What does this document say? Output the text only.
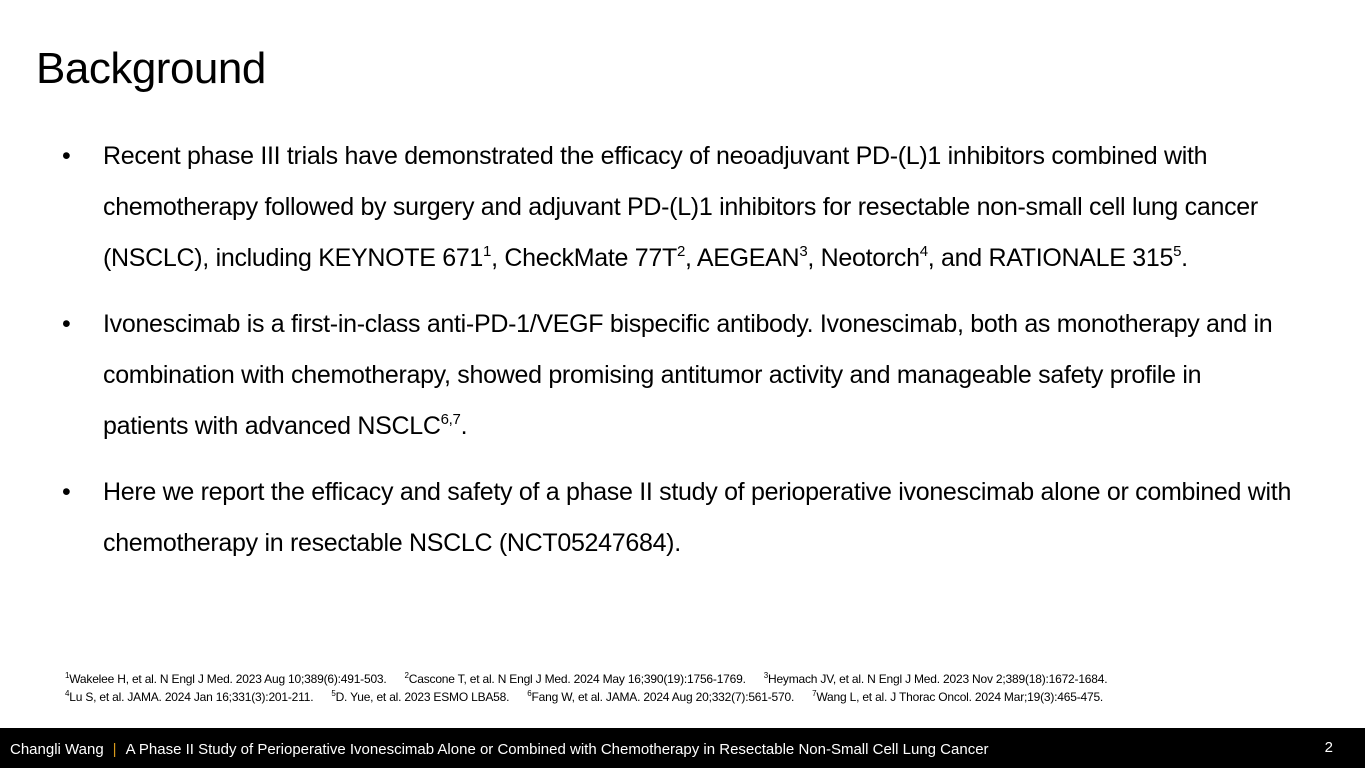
Background
• Recent phase III trials have demonstrated the efficacy of neoadjuvant PD-(L)1 inhibitors combined with chemotherapy followed by surgery and adjuvant PD-(L)1 inhibitors for resectable non-small cell lung cancer (NSCLC), including KEYNOTE $671^1$, CheckMate $77T^2$, AEGEAN$^3$, Neotorch$^4$, and RATIONALE $315^5$.
• Ivonescimab is a first-in-class anti-PD-1/VEGF bispecific antibody. Ivonescimab, both as monotherapy and in combination with chemotherapy, showed promising antitumor activity and manageable safety profile in patients with advanced NSCLC$^{6,7}$.
• Here we report the efficacy and safety of a phase II study of perioperative ivonescimab alone or combined with chemotherapy in resectable NSCLC (NCT05247684).
$^1$Wakelee H, et al. N Engl J Med. 2023 Aug 10;389(6):491-503. $^2$Cascone T, et al. N Engl J Med. 2024 May 16;390(19):1756-1769. $^3$Heymach JV, et al. N Engl J Med. 2023 Nov 2;389(18):1672-1684.
$^4$Lu S, et al. JAMA. 2024 Jan 16;331(3):201-211. $^5$D. Yue, et al. 2023 ESMO LBA58. $^6$Fang W, et al. JAMA. 2024 Aug 20;332(7):561-570. $^7$Wang L, et al. J Thorac Oncol. 2024 Mar;19(3):465-475.
Changli Wang | A Phase II Study of Perioperative Ivonescimab Alone or Combined with Chemotherapy in Resectable Non-Small Cell Lung Cancer	2
